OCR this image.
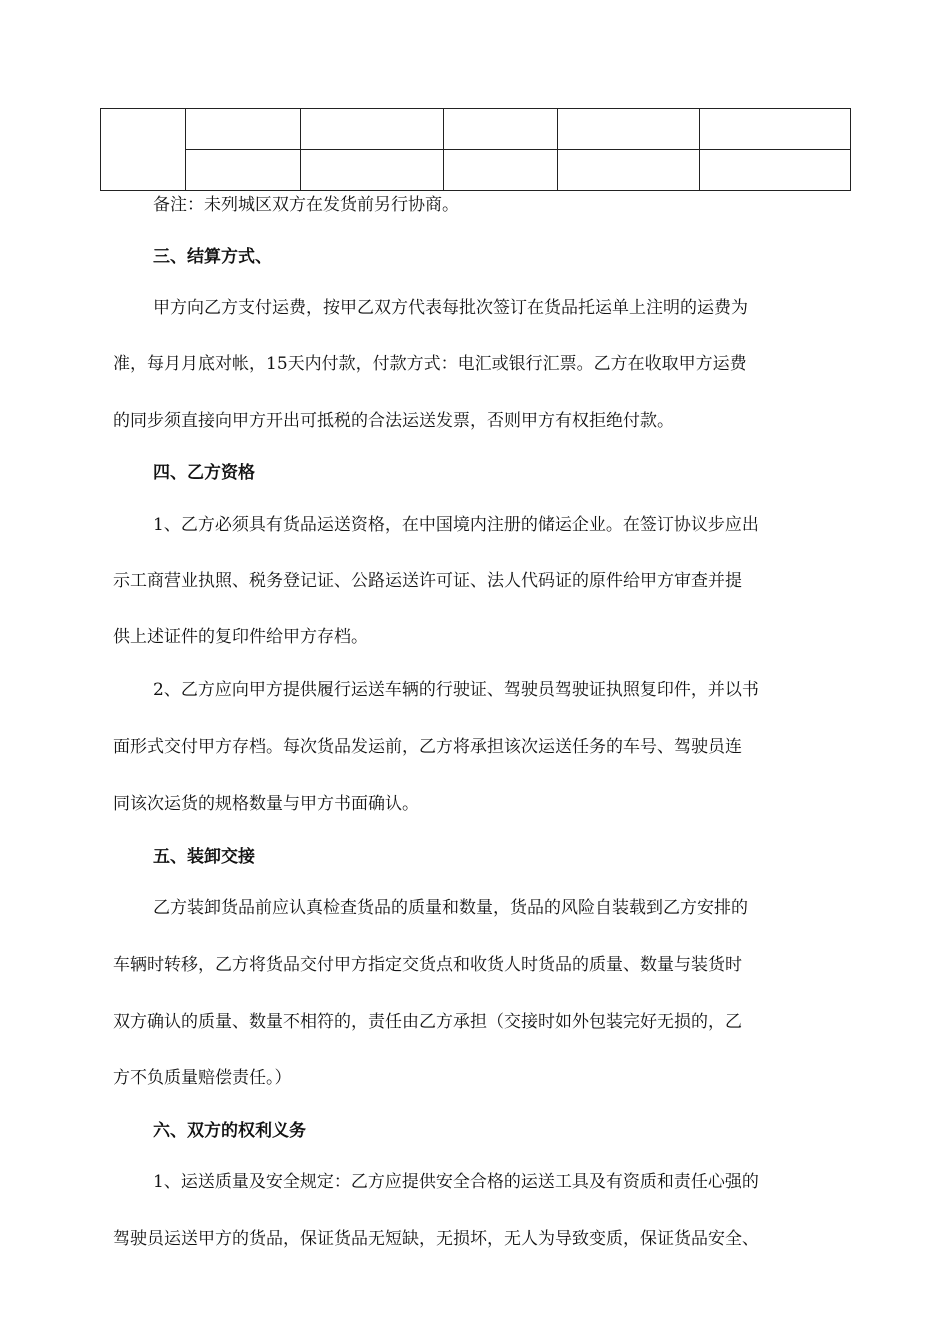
备注：未列城区双方在发货前另行协商。

三、结算方式、

甲方向乙方支付运费，按甲乙双方代表每批次签订在货品托运单上注明的运费为

准，每月月底对帐，15天内付款，付款方式：电汇或银行汇票。乙方在收取甲方运费

的同步须直接向甲方开出可抵税的合法运送发票，否则甲方有权拒绝付款。

四、乙方资格

1、乙方必须具有货品运送资格，在中国境内注册的储运企业。在签订协议步应出

示工商营业执照、税务登记证、公路运送许可证、法人代码证的原件给甲方审查并提

供上述证件的复印件给甲方存档。

2、乙方应向甲方提供履行运送车辆的行驶证、驾驶员驾驶证执照复印件，并以书

面形式交付甲方存档。每次货品发运前，乙方将承担该次运送任务的车号、驾驶员连

同该次运货的规格数量与甲方书面确认。

五、装卸交接

乙方装卸货品前应认真检查货品的质量和数量，货品的风险自装载到乙方安排的

车辆时转移，乙方将货品交付甲方指定交货点和收货人时货品的质量、数量与装货时

双方确认的质量、数量不相符的，责任由乙方承担（交接时如外包装完好无损的，乙

方不负质量赔偿责任。）

六、双方的权利义务

1、运送质量及安全规定：乙方应提供安全合格的运送工具及有资质和责任心强的

驾驶员运送甲方的货品，保证货品无短缺，无损坏，无人为导致变质，保证货品安全、
